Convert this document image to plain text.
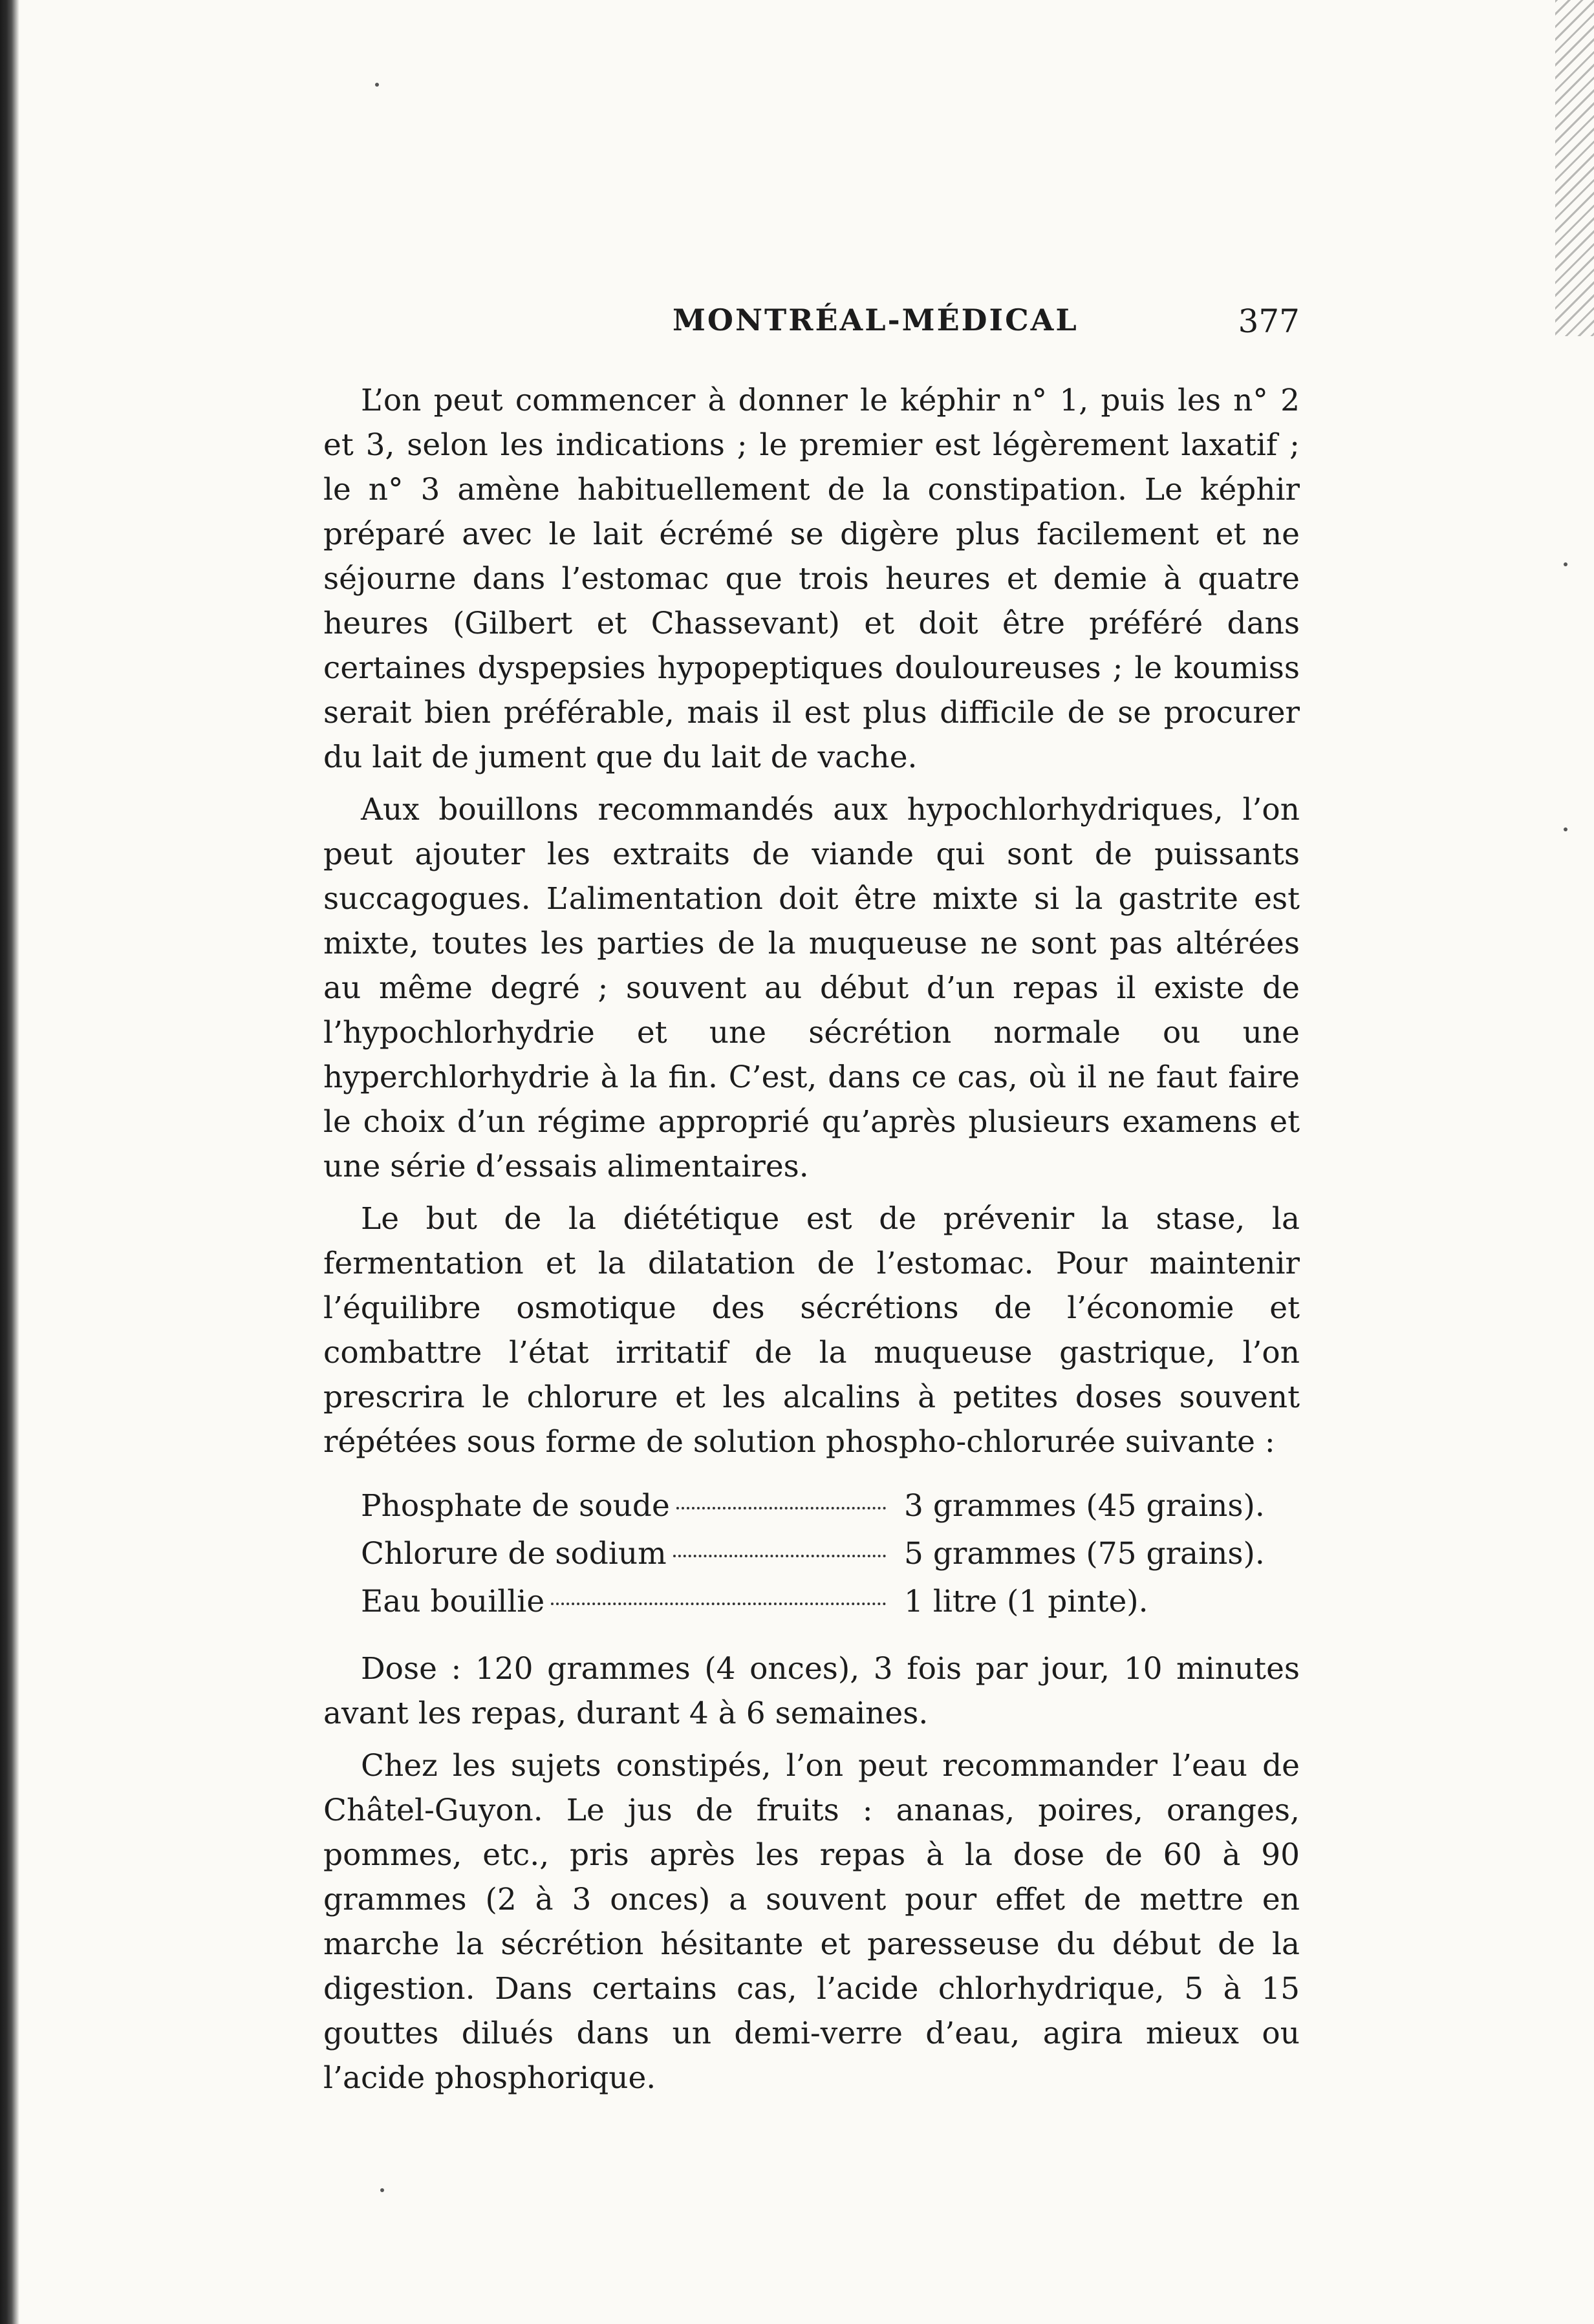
MONTRÉAL-MÉDICAL	377

L’on peut commencer à donner le képhir n° 1, puis les n° 2 et 3, selon les indications ; le premier est légèrement laxatif ; le n° 3 amène habituellement de la constipation. Le képhir préparé avec le lait écrémé se digère plus facilement et ne séjourne dans l’estomac que trois heures et demie à quatre heures (Gilbert et Chassevant) et doit être préféré dans certaines dyspepsies hypopeptiques douloureuses ; le koumiss serait bien préférable, mais il est plus difficile de se procurer du lait de jument que du lait de vache.

Aux bouillons recommandés aux hypochlorhydriques, l’on peut ajouter les extraits de viande qui sont de puissants succagogues. L’alimentation doit être mixte si la gastrite est mixte, toutes les parties de la muqueuse ne sont pas altérées au même degré ; souvent au début d’un repas il existe de l’hypochlorhydrie et une sécrétion normale ou une hyperchlorhydrie à la fin. C’est, dans ce cas, où il ne faut faire le choix d’un régime approprié qu’après plusieurs examens et une série d’essais alimentaires.

Le but de la diététique est de prévenir la stase, la fermentation et la dilatation de l’estomac. Pour maintenir l’équilibre osmotique des sécrétions de l’économie et combattre l’état irritatif de la muqueuse gastrique, l’on prescrira le chlorure et les alcalins à petites doses souvent répétées sous forme de solution phospho-chlorurée suivante :

Phosphate de soude	3 grammes (45 grains).
Chlorure de sodium	5 grammes (75 grains).
Eau bouillie	1 litre (1 pinte).

Dose : 120 grammes (4 onces), 3 fois par jour, 10 minutes avant les repas, durant 4 à 6 semaines.

Chez les sujets constipés, l’on peut recommander l’eau de Châtel-Guyon. Le jus de fruits : ananas, poires, oranges, pommes, etc., pris après les repas à la dose de 60 à 90 grammes (2 à 3 onces) a souvent pour effet de mettre en marche la sécrétion hésitante et paresseuse du début de la digestion. Dans certains cas, l’acide chlorhydrique, 5 à 15 gouttes dilués dans un demi-verre d’eau, agira mieux ou l’acide phosphorique.
